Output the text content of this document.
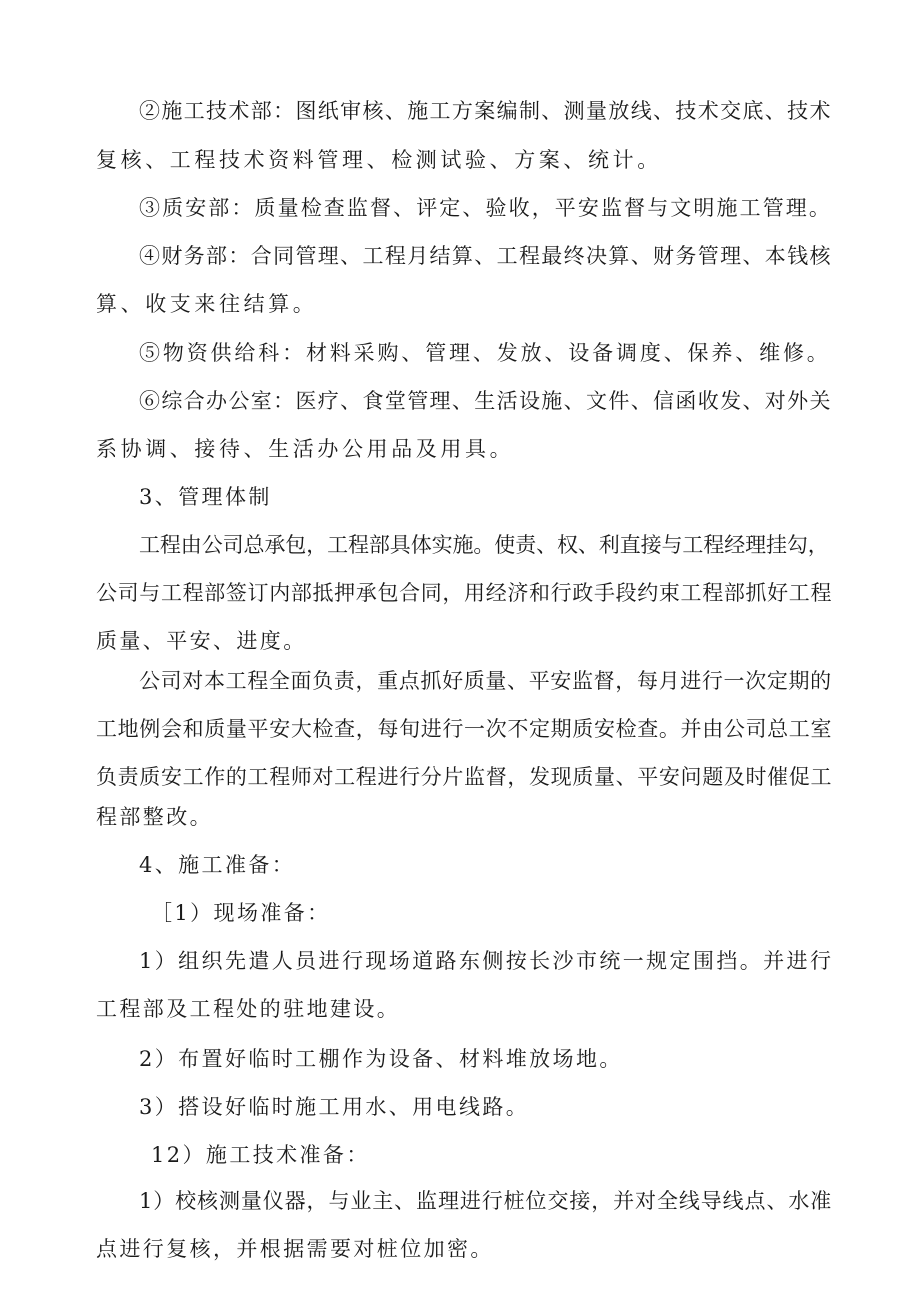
②施工技术部：图纸审核、施工方案编制、测量放线、技术交底、技术

复核、工程技术资料管理、检测试验、方案、统计。

③质安部：质量检查监督、评定、验收，平安监督与文明施工管理。

④财务部：合同管理、工程月结算、工程最终决算、财务管理、本钱核

算、收支来往结算。

⑤物资供给科：材料采购、管理、发放、设备调度、保养、维修。

⑥综合办公室：医疗、食堂管理、生活设施、文件、信函收发、对外关

系协调、接待、生活办公用品及用具。

3、管理体制

工程由公司总承包，工程部具体实施。使责、权、利直接与工程经理挂勾，

公司与工程部签订内部抵押承包合同，用经济和行政手段约束工程部抓好工程

质量、平安、进度。

公司对本工程全面负责，重点抓好质量、平安监督，每月进行一次定期的

工地例会和质量平安大检查，每旬进行一次不定期质安检查。并由公司总工室

负责质安工作的工程师对工程进行分片监督，发现质量、平安问题及时催促工

程部整改。

4、施工准备：

［1）现场准备：

1）组织先遣人员进行现场道路东侧按长沙市统一规定围挡。并进行

工程部及工程处的驻地建设。

2）布置好临时工棚作为设备、材料堆放场地。

3）搭设好临时施工用水、用电线路。

12）施工技术准备：

1）校核测量仪器，与业主、监理进行桩位交接，并对全线导线点、水准

点进行复核，并根据需要对桩位加密。
